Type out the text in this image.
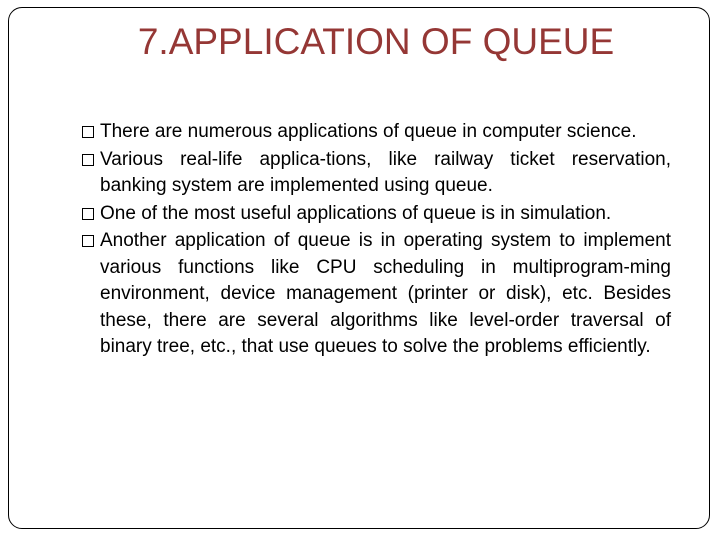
7.APPLICATION OF QUEUE
There are numerous applications of queue in computer science.
Various real-life applica-tions, like railway ticket reservation, banking system are implemented using queue.
One of the most useful applications of queue is in simulation.
Another application of queue is in operating system to implement various functions like CPU scheduling in multiprogram-ming environment, device management (printer or disk), etc. Besides these, there are several algorithms like level-order traversal of binary tree, etc., that use queues to solve the problems efficiently.
